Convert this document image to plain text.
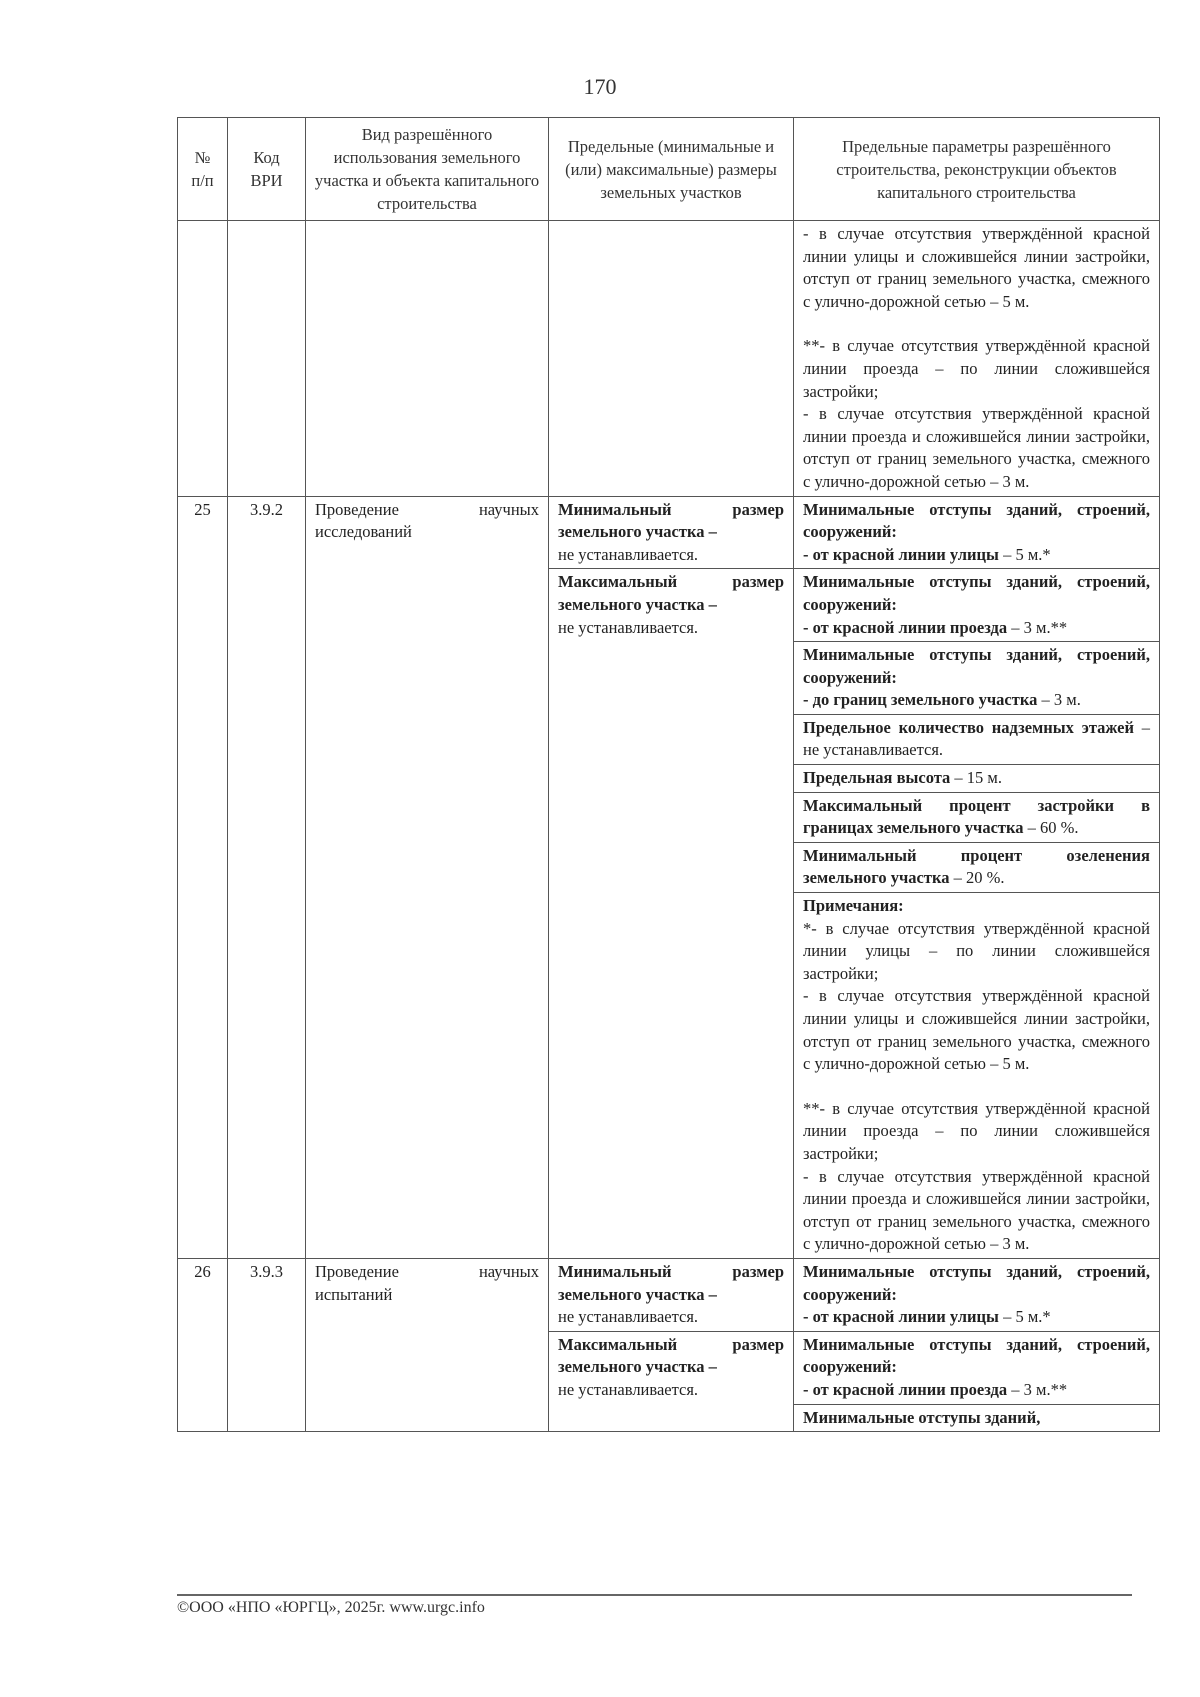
170
№ п/п	Код ВРИ	Вид разрешённого использования земельного участка и объекта капитального строительства	Предельные (минимальные и (или) максимальные) размеры земельных участков	Предельные параметры разрешённого строительства, реконструкции объектов капитального строительства

				- в случае отсутствия утверждённой красной линии улицы и сложившейся линии застройки, отступ от границ земельного участка, смежного с улично-дорожной сетью – 5 м.

**- в случае отсутствия утверждённой красной линии проезда – по линии сложившейся застройки;

- в случае отсутствия утверждённой красной линии проезда и сложившейся линии застройки, отступ от границ земельного участка, смежного с улично-дорожной сетью – 3 м.

25	3.9.2	Проведение научных исследований	Минимальный размер земельного участка –
не устанавливается.	Минимальные отступы зданий, строений, сооружений:
- от красной линии улицы – 5 м.*
			Максимальный размер земельного участка –
не устанавливается.	Минимальные отступы зданий, строений, сооружений:
- от красной линии проезда – 3 м.**
				Минимальные отступы зданий, строений, сооружений:
- до границ земельного участка – 3 м.
				Предельное количество надземных этажей – не устанавливается.
				Предельная высота – 15 м.
				Максимальный процент застройки в границах земельного участка – 60 %.
				Минимальный процент озеленения земельного участка – 20 %.

				Примечания:

*- в случае отсутствия утверждённой красной линии улицы – по линии сложившейся застройки;

- в случае отсутствия утверждённой красной линии улицы и сложившейся линии застройки, отступ от границ земельного участка, смежного с улично-дорожной сетью – 5 м.

**- в случае отсутствия утверждённой красной линии проезда – по линии сложившейся застройки;

- в случае отсутствия утверждённой красной линии проезда и сложившейся линии застройки, отступ от границ земельного участка, смежного с улично-дорожной сетью – 3 м.

26	3.9.3	Проведение научных испытаний	Минимальный размер земельного участка –
не устанавливается.	Минимальные отступы зданий, строений, сооружений:
- от красной линии улицы – 5 м.*
			Максимальный размер земельного участка –
не устанавливается.	Минимальные отступы зданий, строений, сооружений:
- от красной линии проезда – 3 м.**
				Минимальные отступы зданий,
©ООО «НПО «ЮРГЦ», 2025г. www.urgc.info
